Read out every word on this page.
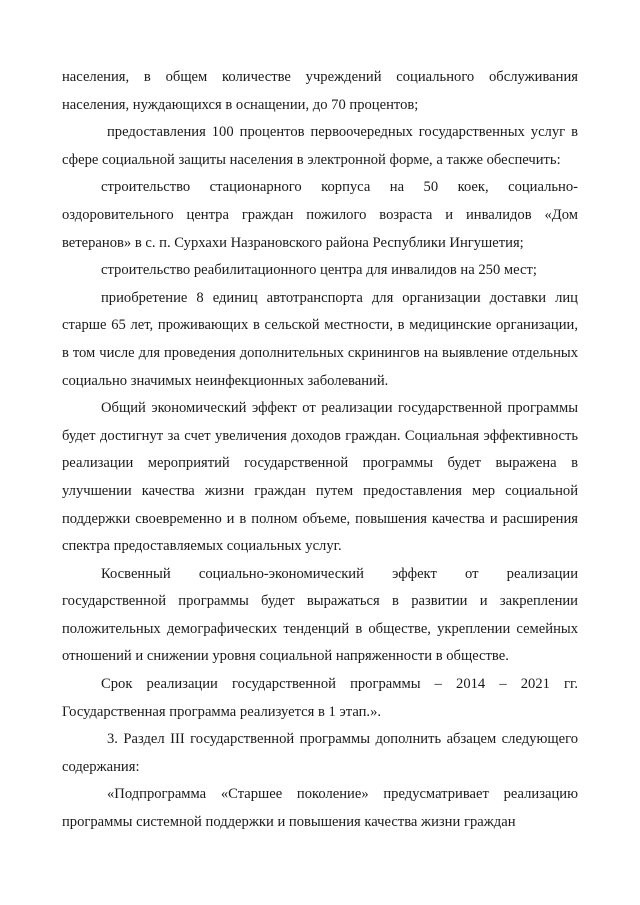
населения, в общем количестве учреждений социального обслуживания населения, нуждающихся в оснащении, до 70 процентов;

предоставления 100 процентов первоочередных государственных услуг в сфере социальной защиты населения в электронной форме, а также обеспечить:

строительство стационарного корпуса на 50 коек, социально-оздоровительного центра граждан пожилого возраста и инвалидов «Дом ветеранов» в с. п. Сурхахи Назрановского района Республики Ингушетия;

строительство реабилитационного центра для инвалидов на 250 мест;

приобретение 8 единиц автотранспорта для организации доставки лиц старше 65 лет, проживающих в сельской местности, в медицинские организации, в том числе для проведения дополнительных скринингов на выявление отдельных социально значимых неинфекционных заболеваний.

Общий экономический эффект от реализации государственной программы будет достигнут за счет увеличения доходов граждан. Социальная эффективность реализации мероприятий государственной программы будет выражена в улучшении качества жизни граждан путем предоставления мер социальной поддержки своевременно и в полном объеме, повышения качества и расширения спектра предоставляемых социальных услуг.

Косвенный социально-экономический эффект от реализации государственной программы будет выражаться в развитии и закреплении положительных демографических тенденций в обществе, укреплении семейных отношений и снижении уровня социальной напряженности в обществе.

Срок реализации государственной программы – 2014 – 2021 гг. Государственная программа реализуется в 1 этап.».

3. Раздел III государственной программы дополнить абзацем следующего содержания:

«Подпрограмма «Старшее поколение» предусматривает реализацию программы системной поддержки и повышения качества жизни граждан
